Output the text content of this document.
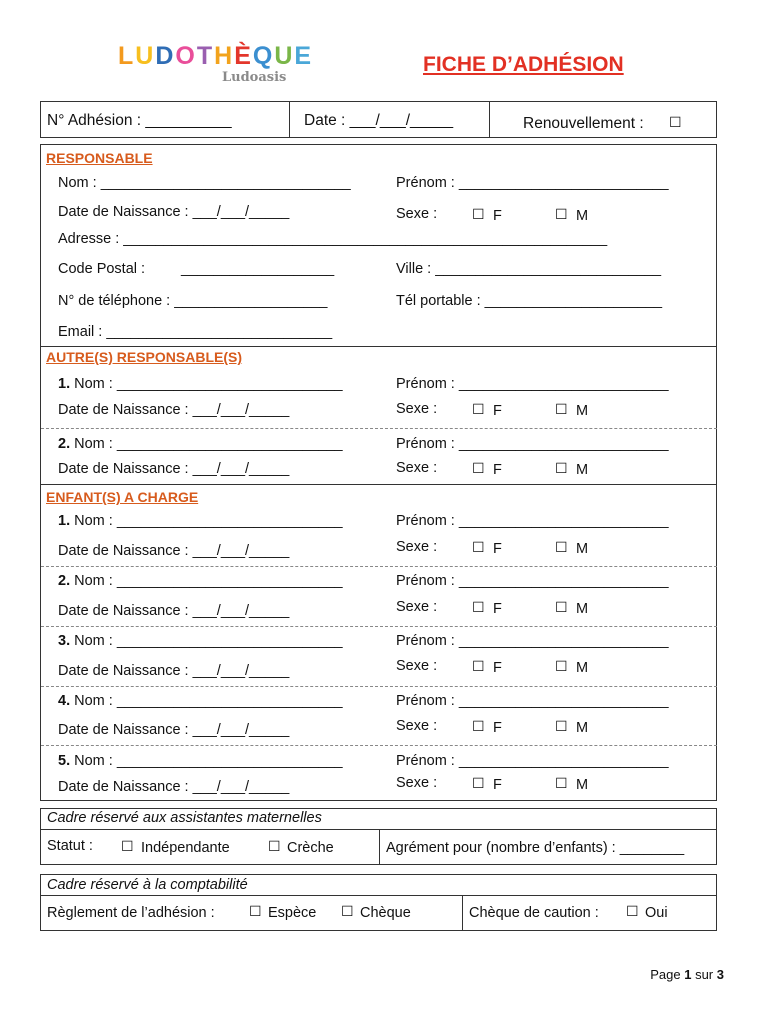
LUDOTHÈQUE
Ludoasis
FICHE D’ADHÉSION
N° Adhésion : __________	Date : ___/___/_____	Renouvellement : ☐
RESPONSABLE
Nom : _______________________________	Prénom : __________________________
Date de Naissance : ___/___/_____	Sexe : ☐ F	☐ M
Adresse : ____________________________________________________________
Code Postal : ___________________	Ville : ____________________________
N° de téléphone : ___________________	Tél portable : ______________________
Email : ____________________________
AUTRE(S) RESPONSABLE(S)
1. Nom : ____________________________	Prénom : __________________________
Date de Naissance : ___/___/_____	Sexe : ☐ F	☐ M
2. Nom : ____________________________	Prénom : __________________________
Date de Naissance : ___/___/_____	Sexe : ☐ F	☐ M
ENFANT(S) A CHARGE
1. Nom : ____________________________	Prénom : __________________________
Date de Naissance : ___/___/_____	Sexe : ☐ F	☐ M
2. Nom : ____________________________	Prénom : __________________________
Date de Naissance : ___/___/_____	Sexe : ☐ F	☐ M
3. Nom : ____________________________	Prénom : __________________________
Date de Naissance : ___/___/_____	Sexe : ☐ F	☐ M
4. Nom : ____________________________	Prénom : __________________________
Date de Naissance : ___/___/_____	Sexe : ☐ F	☐ M
5. Nom : ____________________________	Prénom : __________________________
Date de Naissance : ___/___/_____	Sexe : ☐ F	☐ M
Cadre réservé aux assistantes maternelles
Statut : ☐ Indépendante	☐ Crèche	Agrément pour (nombre d’enfants) : ________
Cadre réservé à la comptabilité
Règlement de l’adhésion : ☐ Espèce ☐ Chèque	Chèque de caution : ☐ Oui
Page 1 sur 3
